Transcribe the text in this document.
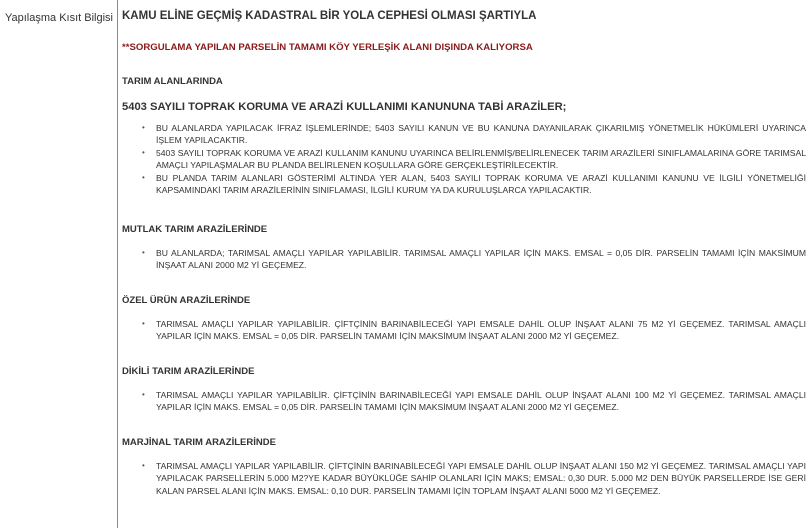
Yapılaşma Kısıt Bilgisi KAMU ELİNE GEÇMİŞ KADASTRAL BİR YOLA CEPHESİ OLMASI ŞARTIYLA
**SORGULAMA YAPILAN PARSELİN TAMAMI KÖY YERLEŞİK ALANI DIŞINDA KALIYORSA
TARIM ALANLARINDA
5403 SAYILI TOPRAK KORUMA VE ARAZİ KULLANIMI KANUNUNA TABİ ARAZİLER;
• BU ALANLARDA YAPILACAK İFRAZ İŞLEMLERİNDE; 5403 SAYILI KANUN VE BU KANUNA DAYANILARAK ÇIKARILMIŞ YÖNETMELİK HÜKÜMLERİ UYARINCA İŞLEM YAPILACAKTIR.
• 5403 SAYILI TOPRAK KORUMA VE ARAZİ KULLANIM KANUNU UYARINCA BELİRLENMİŞ/BELİRLENECEK TARIM ARAZİLERİ SINIFLAMALARINA GÖRE TARIMSAL AMAÇLI YAPILAŞMALAR BU PLANDA BELİRLENEN KOŞULLARA GÖRE GERÇEKLEŞTİRİLECEKTİR.
• BU PLANDA TARIM ALANLARI GÖSTERİMİ ALTINDA YER ALAN, 5403 SAYILI TOPRAK KORUMA VE ARAZİ KULLANIMI KANUNU VE İLGİLİ YÖNETMELİĞİ KAPSAMINDAKİ TARIM ARAZİLERİNİN SINIFLAMASI, İLGİLİ KURUM YA DA KURULUŞLARCA YAPILACAKTIR.
MUTLAK TARIM ARAZİLERİNDE
• BU ALANLARDA; TARIMSAL AMAÇLI YAPILAR YAPILABİLİR. TARIMSAL AMAÇLI YAPILAR İÇİN MAKS. EMSAL = 0,05 DİR. PARSELİN TAMAMI İÇİN MAKSİMUM İNŞAAT ALANI 2000 M2 Yİ GEÇEMEZ.
ÖZEL ÜRÜN ARAZİLERİNDE
• TARIMSAL AMAÇLI YAPILAR YAPILABİLİR. ÇİFTÇİNİN BARINABİLECEĞİ YAPI EMSALE DAHİL OLUP İNŞAAT ALANI 75 M2 Yİ GEÇEMEZ. TARIMSAL AMAÇLI YAPILAR İÇİN MAKS. EMSAL = 0,05 DİR. PARSELİN TAMAMI İÇİN MAKSİMUM İNŞAAT ALANI 2000 M2 Yİ GEÇEMEZ.
DİKİLİ TARIM ARAZİLERİNDE
• TARIMSAL AMAÇLI YAPILAR YAPILABİLİR. ÇİFTÇİNİN BARINABİLECEĞİ YAPI EMSALE DAHİL OLUP İNŞAAT ALANI 100 M2 Yİ GEÇEMEZ. TARIMSAL AMAÇLI YAPILAR İÇİN MAKS. EMSAL = 0,05 DİR. PARSELİN TAMAMI İÇİN MAKSİMUM İNŞAAT ALANI 2000 M2 Yİ GEÇEMEZ.
MARJİNAL TARIM ARAZİLERİNDE
• TARIMSAL AMAÇLI YAPILAR YAPILABİLİR. ÇİFTÇİNİN BARINABİLECEĞİ YAPI EMSALE DAHİL OLUP İNŞAAT ALANI 150 M2 Yİ GEÇEMEZ. TARIMSAL AMAÇLI YAPI YAPILACAK PARSELLERİN 5.000 M2?YE KADAR BÜYÜKLÜĞE SAHİP OLANLARI İÇİN MAKS; EMSAL: 0,30 DUR. 5.000 M2 DEN BÜYÜK PARSELLERDE İSE GERİ KALAN PARSEL ALANI İÇİN MAKS. EMSAL: 0,10 DUR. PARSELİN TAMAMI İÇİN TOPLAM İNŞAAT ALANI 5000 M2 Yİ GEÇEMEZ.
